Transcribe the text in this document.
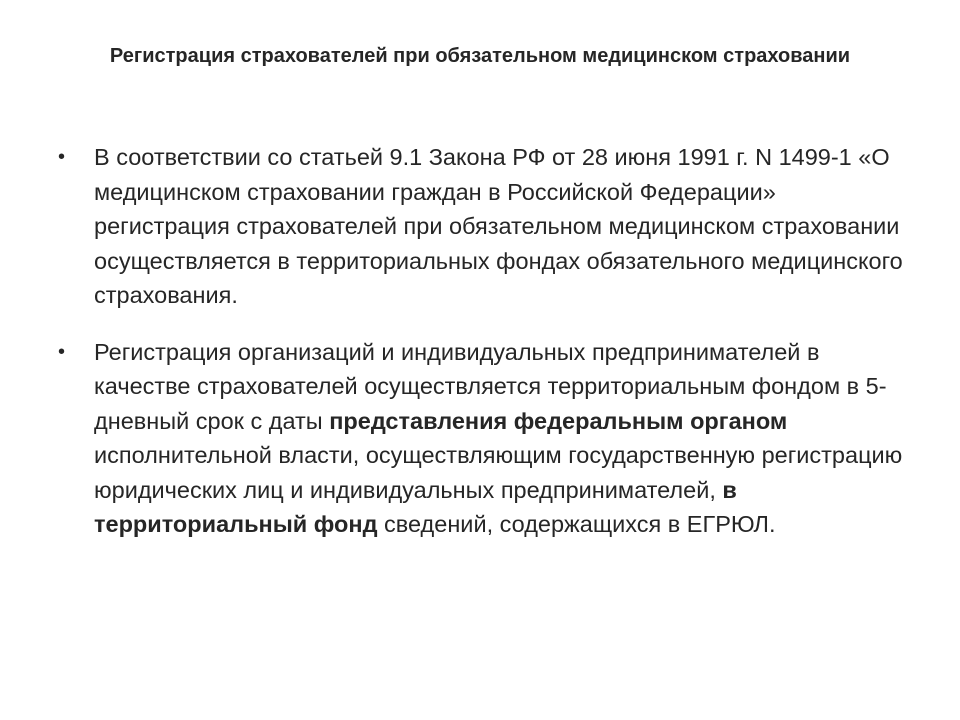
Регистрация страхователей при обязательном медицинском страховании
•	В соответствии со статьей 9.1 Закона РФ от 28 июня 1991 г. N 1499-1 «О медицинском страховании граждан в Российской Федерации» регистрация страхователей при обязательном медицинском страховании осуществляется в территориальных фондах обязательного медицинского страхования.
•	Регистрация организаций и индивидуальных предпринимателей в качестве страхователей осуществляется территориальным фондом в 5-дневный срок с даты представления федеральным органом исполнительной власти, осуществляющим государственную регистрацию юридических лиц и индивидуальных предпринимателей, в территориальный фонд сведений, содержащихся в ЕГРЮЛ.
